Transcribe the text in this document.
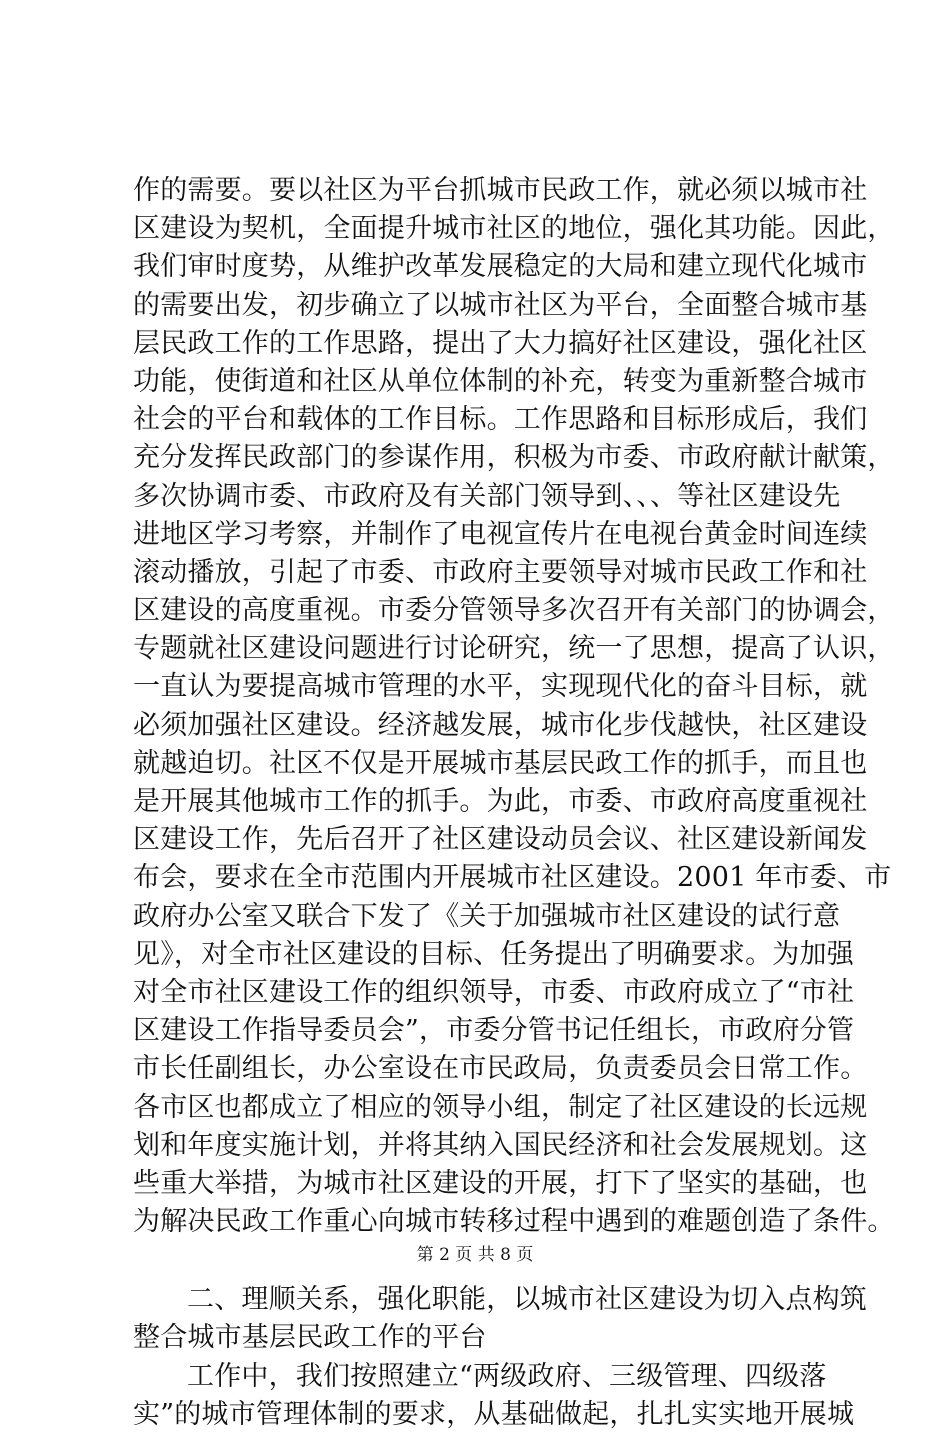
作的需要。要以社区为平台抓城市民政工作，就必须以城市社
区建设为契机，全面提升城市社区的地位，强化其功能。因此，
我们审时度势，从维护改革发展稳定的大局和建立现代化城市
的需要出发，初步确立了以城市社区为平台，全面整合城市基
层民政工作的工作思路，提出了大力搞好社区建设，强化社区
功能，使街道和社区从单位体制的补充，转变为重新整合城市
社会的平台和载体的工作目标。工作思路和目标形成后，我们
充分发挥民政部门的参谋作用，积极为市委、市政府献计献策，
多次协调市委、市政府及有关部门领导到、、、等社区建设先
进地区学习考察，并制作了电视宣传片在电视台黄金时间连续
滚动播放，引起了市委、市政府主要领导对城市民政工作和社
区建设的高度重视。市委分管领导多次召开有关部门的协调会，
专题就社区建设问题进行讨论研究，统一了思想，提高了认识，
一直认为要提高城市管理的水平，实现现代化的奋斗目标，就
必须加强社区建设。经济越发展，城市化步伐越快，社区建设
就越迫切。社区不仅是开展城市基层民政工作的抓手，而且也
是开展其他城市工作的抓手。为此，市委、市政府高度重视社
区建设工作，先后召开了社区建设动员会议、社区建设新闻发
布会，要求在全市范围内开展城市社区建设。2001 年市委、市
政府办公室又联合下发了《关于加强城市社区建设的试行意
见》，对全市社区建设的目标、任务提出了明确要求。为加强
对全市社区建设工作的组织领导，市委、市政府成立了“市社
区建设工作指导委员会”，市委分管书记任组长，市政府分管
市长任副组长，办公室设在市民政局，负责委员会日常工作。
各市区也都成立了相应的领导小组，制定了社区建设的长远规
划和年度实施计划，并将其纳入国民经济和社会发展规划。这
些重大举措，为城市社区建设的开展，打下了坚实的基础，也
为解决民政工作重心向城市转移过程中遇到的难题创造了条件。
二、理顺关系，强化职能，以城市社区建设为切入点构筑
整合城市基层民政工作的平台
工作中，我们按照建立“两级政府、三级管理、四级落
实”的城市管理体制的要求，从基础做起，扎扎实实地开展城
第 2 页 共 8 页
